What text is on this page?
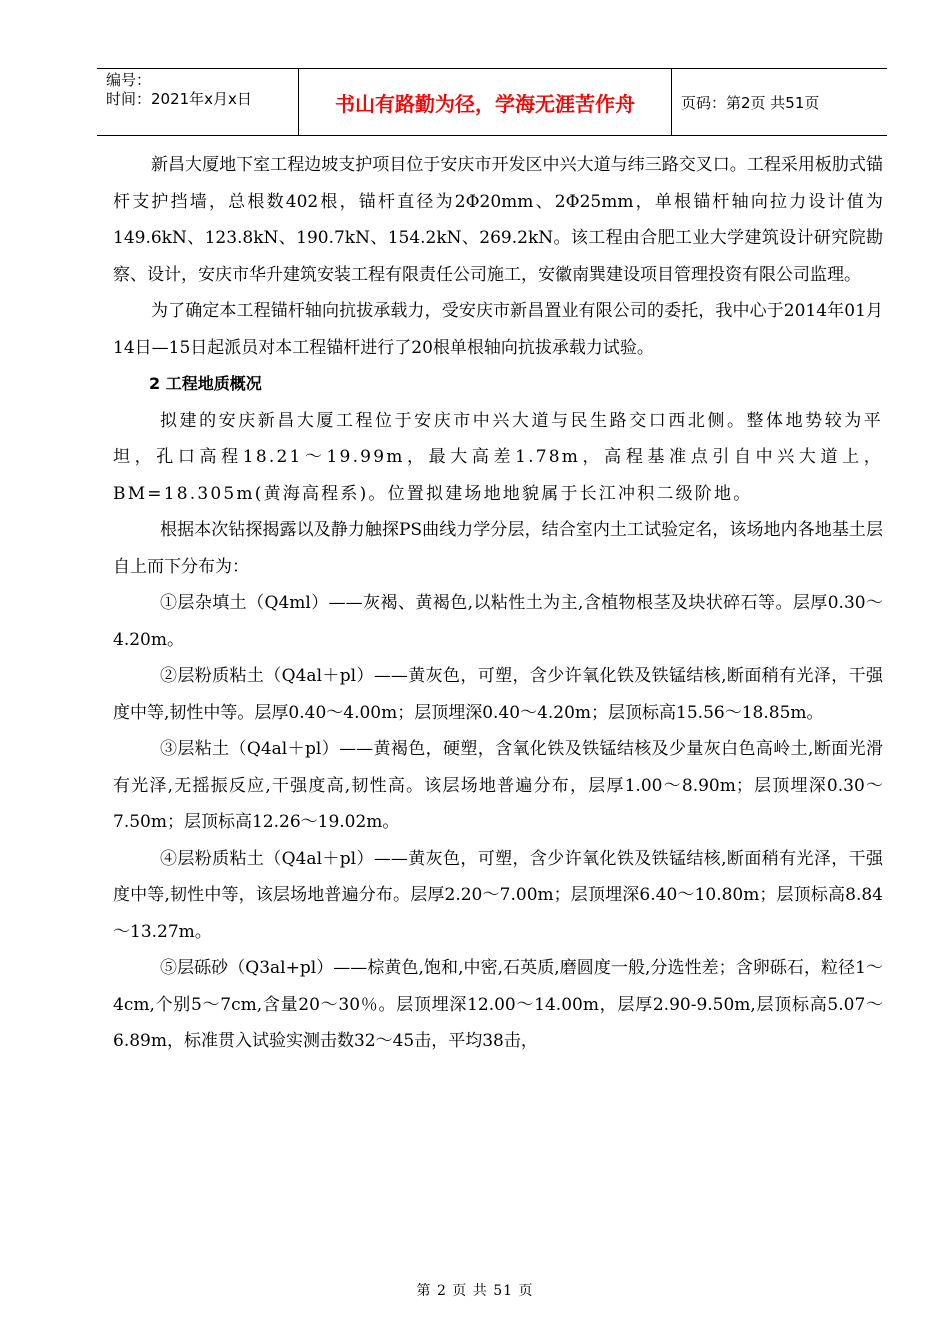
编号：
时间：2021年x月x日	书山有路勤为径，学海无涯苦作舟	页码：第2页 共51页

新昌大厦地下室工程边坡支护项目位于安庆市开发区中兴大道与纬三路交叉口。工程采用板肋式锚杆支护挡墙，总根数402根，锚杆直径为2Φ20mm、2Φ25mm，单根锚杆轴向拉力设计值为149.6kN、123.8kN、190.7kN、154.2kN、269.2kN。该工程由合肥工业大学建筑设计研究院勘察、设计，安庆市华升建筑安装工程有限责任公司施工，安徽南巽建设项目管理投资有限公司监理。

为了确定本工程锚杆轴向抗拔承载力，受安庆市新昌置业有限公司的委托，我中心于2014年01月14日—15日起派员对本工程锚杆进行了20根单根轴向抗拔承载力试验。

2 工程地质概况

拟建的安庆新昌大厦工程位于安庆市中兴大道与民生路交口西北侧。整体地势较为平坦，孔口高程18.21～19.99m，最大高差1.78m，高程基准点引自中兴大道上，BM=18.305m(黄海高程系)。位置拟建场地地貌属于长江冲积二级阶地。

根据本次钻探揭露以及静力触探PS曲线力学分层，结合室内土工试验定名，该场地内各地基土层自上而下分布为：

①层杂填土（Q4ml）——灰褐、黄褐色,以粘性土为主,含植物根茎及块状碎石等。层厚0.30～4.20m。

②层粉质粘土（Q4al＋pl）——黄灰色，可塑，含少许氧化铁及铁锰结核,断面稍有光泽，干强度中等,韧性中等。层厚0.40～4.00m；层顶埋深0.40～4.20m；层顶标高15.56～18.85m。

③层粘土（Q4al＋pl）——黄褐色，硬塑，含氧化铁及铁锰结核及少量灰白色高岭土,断面光滑有光泽,无摇振反应,干强度高,韧性高。该层场地普遍分布，层厚1.00～8.90m；层顶埋深0.30～7.50m；层顶标高12.26～19.02m。

④层粉质粘土（Q4al＋pl）——黄灰色，可塑，含少许氧化铁及铁锰结核,断面稍有光泽，干强度中等,韧性中等，该层场地普遍分布。层厚2.20～7.00m；层顶埋深6.40～10.80m；层顶标高8.84～13.27m。

⑤层砾砂（Q3al+pl）——棕黄色,饱和,中密,石英质,磨圆度一般,分选性差；含卵砾石，粒径1～4cm,个别5～7cm,含量20～30％。层顶埋深12.00～14.00m，层厚2.90-9.50m,层顶标高5.07～6.89m，标准贯入试验实测击数32～45击，平均38击，

第 2 页 共 51 页
